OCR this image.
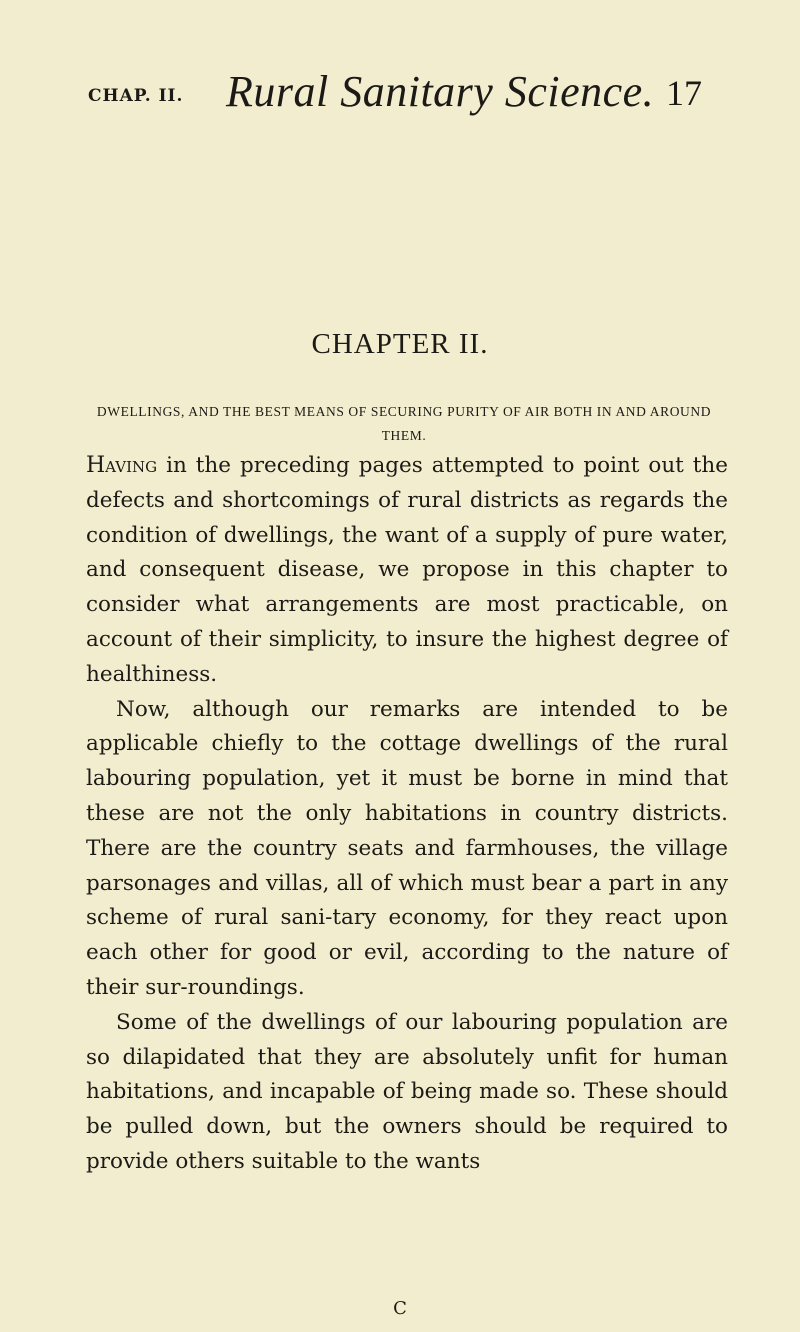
CHAP. II. Rural Sanitary Science. 17
CHAPTER II.
DWELLINGS, AND THE BEST MEANS OF SECURING PURITY OF AIR BOTH IN AND AROUND THEM.

Having in the preceding pages attempted to point out the defects and shortcomings of rural districts as regards the condition of dwellings, the want of a supply of pure water, and consequent disease, we propose in this chapter to consider what arrangements are most practicable, on account of their simplicity, to insure the highest degree of healthiness.

Now, although our remarks are intended to be applicable chiefly to the cottage dwellings of the rural labouring population, yet it must be borne in mind that these are not the only habitations in country districts. There are the country seats and farmhouses, the village parsonages and villas, all of which must bear a part in any scheme of rural sani-tary economy, for they react upon each other for good or evil, according to the nature of their sur-roundings.

Some of the dwellings of our labouring population are so dilapidated that they are absolutely unfit for human habitations, and incapable of being made so. These should be pulled down, but the owners should be required to provide others suitable to the wants

C
